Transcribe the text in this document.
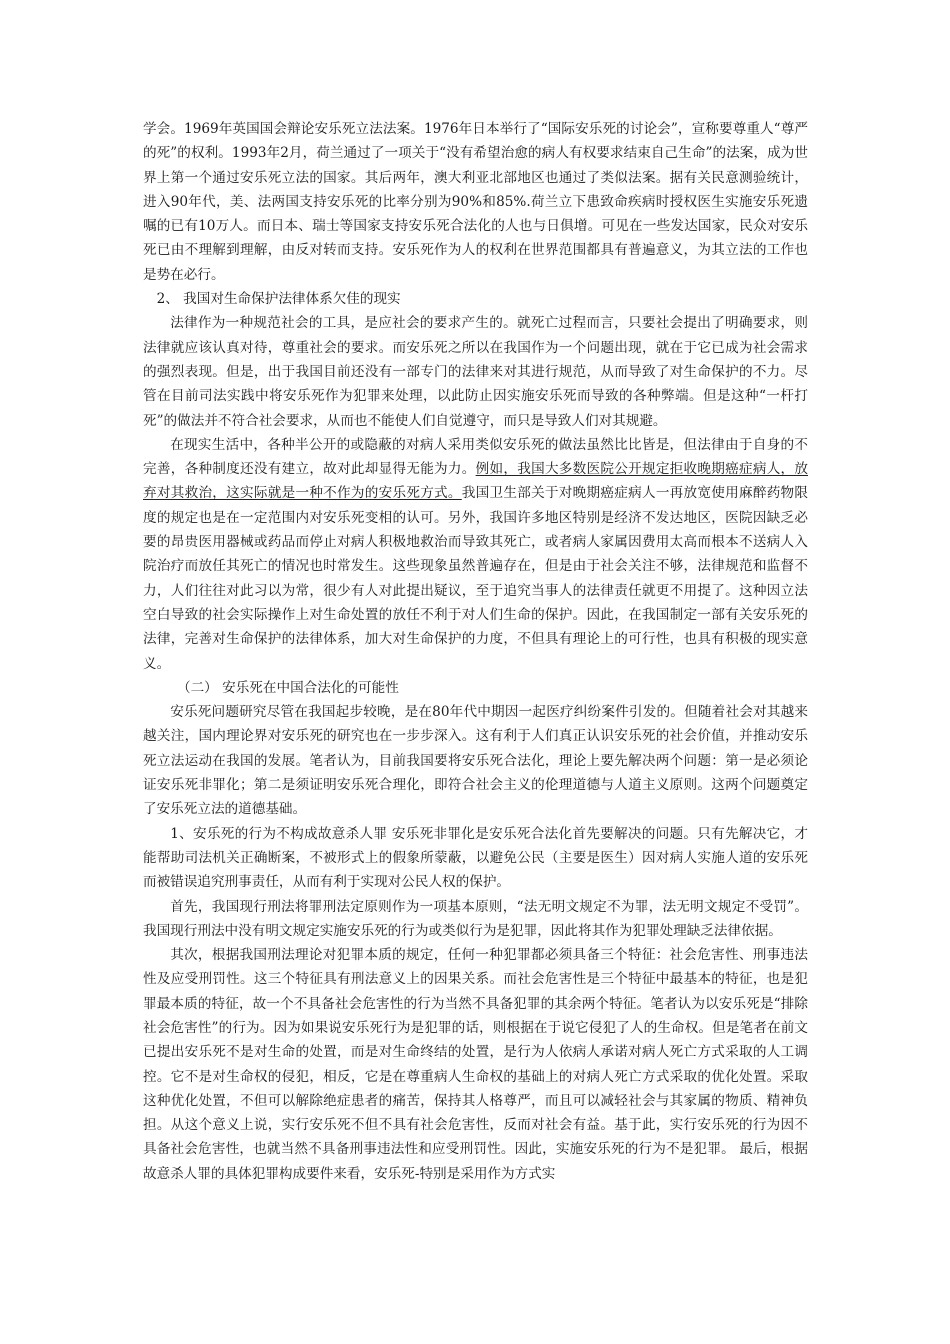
学会。1969年英国国会辩论安乐死立法法案。1976年日本举行了“国际安乐死的讨论会”，宣称要尊重人“尊严的死”的权利。1993年2月，荷兰通过了一项关于“没有希望治愈的病人有权要求结束自己生命”的法案，成为世界上第一个通过安乐死立法的国家。其后两年，澳大利亚北部地区也通过了类似法案。据有关民意测验统计，进入90年代，美、法两国支持安乐死的比率分别为90%和85%.荷兰立下患致命疾病时授权医生实施安乐死遗嘱的已有10万人。而日本、瑞士等国家支持安乐死合法化的人也与日俱增。可见在一些发达国家，民众对安乐死已由不理解到理解，由反对转而支持。安乐死作为人的权利在世界范围都具有普遍意义，为其立法的工作也是势在必行。

2、 我国对生命保护法律体系欠佳的现实

法律作为一种规范社会的工具，是应社会的要求产生的。就死亡过程而言，只要社会提出了明确要求，则法律就应该认真对待，尊重社会的要求。而安乐死之所以在我国作为一个问题出现，就在于它已成为社会需求的强烈表现。但是，出于我国目前还没有一部专门的法律来对其进行规范，从而导致了对生命保护的不力。尽管在目前司法实践中将安乐死作为犯罪来处理，以此防止因实施安乐死而导致的各种弊端。但是这种“一杆打死”的做法并不符合社会要求，从而也不能使人们自觉遵守，而只是导致人们对其规避。

在现实生活中，各种半公开的或隐蔽的对病人采用类似安乐死的做法虽然比比皆是，但法律由于自身的不完善，各种制度还没有建立，故对此却显得无能为力。例如，我国大多数医院公开规定拒收晚期癌症病人，放弃对其救治，这实际就是一种不作为的安乐死方式。我国卫生部关于对晚期癌症病人一再放宽使用麻醉药物限度的规定也是在一定范围内对安乐死变相的认可。另外，我国许多地区特别是经济不发达地区，医院因缺乏必要的昂贵医用器械或药品而停止对病人积极地救治而导致其死亡，或者病人家属因费用太高而根本不送病人入院治疗而放任其死亡的情况也时常发生。这些现象虽然普遍存在，但是由于社会关注不够，法律规范和监督不力，人们往往对此习以为常，很少有人对此提出疑议，至于追究当事人的法律责任就更不用提了。这种因立法空白导致的社会实际操作上对生命处置的放任不利于对人们生命的保护。因此，在我国制定一部有关安乐死的法律，完善对生命保护的法律体系，加大对生命保护的力度，不但具有理论上的可行性，也具有积极的现实意义。

（二） 安乐死在中国合法化的可能性

安乐死问题研究尽管在我国起步较晚，是在80年代中期因一起医疗纠纷案件引发的。但随着社会对其越来越关注，国内理论界对安乐死的研究也在一步步深入。这有利于人们真正认识安乐死的社会价值，并推动安乐死立法运动在我国的发展。笔者认为，目前我国要将安乐死合法化，理论上要先解决两个问题：第一是必须论证安乐死非罪化；第二是须证明安乐死合理化，即符合社会主义的伦理道德与人道主义原则。这两个问题奠定了安乐死立法的道德基础。

1、安乐死的行为不构成故意杀人罪 安乐死非罪化是安乐死合法化首先要解决的问题。只有先解决它，才能帮助司法机关正确断案，不被形式上的假象所蒙蔽，以避免公民（主要是医生）因对病人实施人道的安乐死而被错误追究刑事责任，从而有利于实现对公民人权的保护。

首先，我国现行刑法将罪刑法定原则作为一项基本原则，“法无明文规定不为罪，法无明文规定不受罚”。我国现行刑法中没有明文规定实施安乐死的行为或类似行为是犯罪，因此将其作为犯罪处理缺乏法律依据。

其次，根据我国刑法理论对犯罪本质的规定，任何一种犯罪都必须具备三个特征：社会危害性、刑事违法性及应受刑罚性。这三个特征具有刑法意义上的因果关系。而社会危害性是三个特征中最基本的特征，也是犯罪最本质的特征，故一个不具备社会危害性的行为当然不具备犯罪的其余两个特征。笔者认为以安乐死是“排除社会危害性”的行为。因为如果说安乐死行为是犯罪的话，则根据在于说它侵犯了人的生命权。但是笔者在前文已提出安乐死不是对生命的处置，而是对生命终结的处置，是行为人依病人承诺对病人死亡方式采取的人工调控。它不是对生命权的侵犯，相反，它是在尊重病人生命权的基础上的对病人死亡方式采取的优化处置。采取这种优化处置，不但可以解除绝症患者的痛苦，保持其人格尊严，而且可以减轻社会与其家属的物质、精神负担。从这个意义上说，实行安乐死不但不具有社会危害性，反而对社会有益。基于此，实行安乐死的行为因不具备社会危害性，也就当然不具备刑事违法性和应受刑罚性。因此，实施安乐死的行为不是犯罪。 最后，根据故意杀人罪的具体犯罪构成要件来看，安乐死-特别是采用作为方式实
